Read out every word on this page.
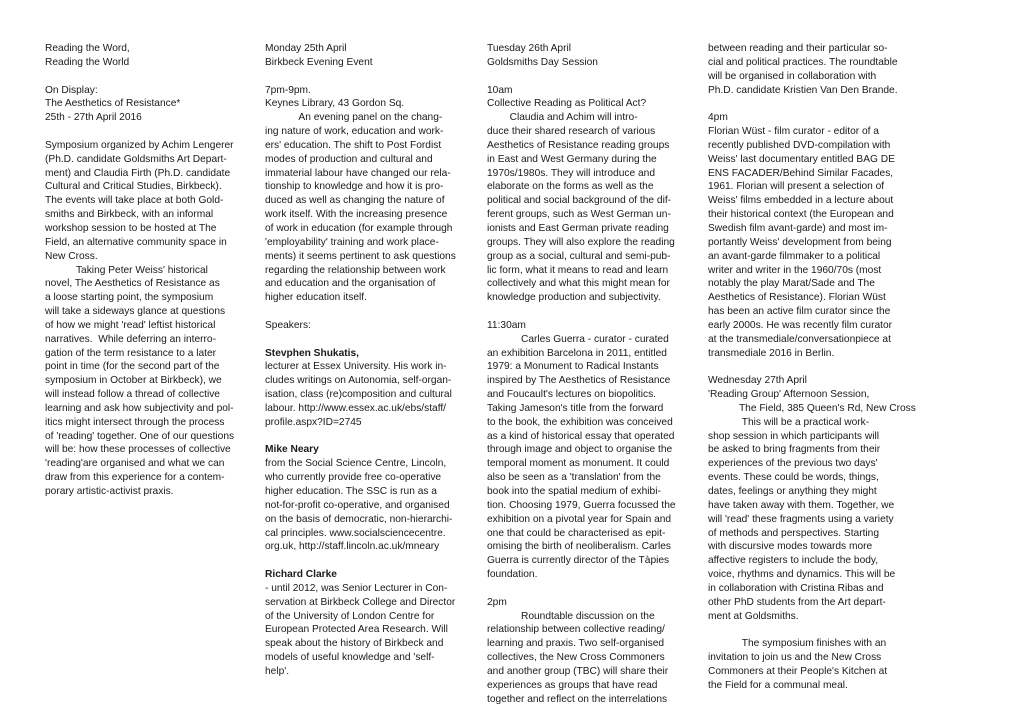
Reading the Word,

Reading the World

On Display:

The Aesthetics of Resistance*

25th - 27th April 2016

Symposium organized by Achim Lengerer

(Ph.D. candidate Goldsmiths Art Depart-

ment) and Claudia Firth (Ph.D. candidate

Cultural and Critical Studies, Birkbeck).

The events will take place at both Gold-

smiths and Birkbeck, with an informal

workshop session to be hosted at The

Field, an alternative community space in

New Cross.

Taking Peter Weiss' historical

novel, The Aesthetics of Resistance as

a loose starting point, the symposium

will take a sideways glance at questions

of how we might 'read' leftist historical

narratives.  While deferring an interro-

gation of the term resistance to a later

point in time (for the second part of the

symposium in October at Birkbeck), we

will instead follow a thread of collective

learning and ask how subjectivity and pol-

itics might intersect through the process

of 'reading' together. One of our questions

will be: how these processes of collective

'reading'are organised and what we can

draw from this experience for a contem-

porary artistic-activist praxis.

Monday 25th April

Birkbeck Evening Event

7pm-9pm.

Keynes Library, 43 Gordon Sq.

An evening panel on the chang-

ing nature of work, education and work-

ers' education. The shift to Post Fordist

modes of production and cultural and

immaterial labour have changed our rela-

tionship to knowledge and how it is pro-

duced as well as changing the nature of

work itself. With the increasing presence

of work in education (for example through

'employability' training and work place-

ments) it seems pertinent to ask questions

regarding the relationship between work

and education and the organisation of

higher education itself.

Speakers:

Stevphen Shukatis,

lecturer at Essex University. His work in-

cludes writings on Autonomia, self-organ-

isation, class (re)composition and cultural

labour. http://www.essex.ac.uk/ebs/staff/

profile.aspx?ID=2745

Mike Neary

from the Social Science Centre, Lincoln,

who currently provide free co-operative

higher education. The SSC is run as a

not-for-profit co-operative, and organised

on the basis of democratic, non-hierarchi-

cal principles. www.socialsciencecentre.

org.uk, http://staff.lincoln.ac.uk/mneary

Richard Clarke

- until 2012, was Senior Lecturer in Con-

servation at Birkbeck College and Director

of the University of London Centre for

European Protected Area Research. Will

speak about the history of Birkbeck and

models of useful knowledge and 'self-

help'.

Tuesday 26th April

Goldsmiths Day Session

10am

Collective Reading as Political Act?

Claudia and Achim will intro-

duce their shared research of various

Aesthetics of Resistance reading groups

in East and West Germany during the

1970s/1980s. They will introduce and

elaborate on the forms as well as the

political and social background of the dif-

ferent groups, such as West German un-

ionists and East German private reading

groups. They will also explore the reading

group as a social, cultural and semi-pub-

lic form, what it means to read and learn

collectively and what this might mean for

knowledge production and subjectivity.

11:30am

Carles Guerra - curator - curated

an exhibition Barcelona in 2011, entitled

1979: a Monument to Radical Instants

inspired by The Aesthetics of Resistance

and Foucault's lectures on biopolitics.

Taking Jameson's title from the forward

to the book, the exhibition was conceived

as a kind of historical essay that operated

through image and object to organise the

temporal moment as monument. It could

also be seen as a 'translation' from the

book into the spatial medium of exhibi-

tion. Choosing 1979, Guerra focussed the

exhibition on a pivotal year for Spain and

one that could be characterised as epit-

omising the birth of neoliberalism. Carles

Guerra is currently director of the Tàpies

foundation.

2pm

Roundtable discussion on the

relationship between collective reading/

learning and praxis. Two self-organised

collectives, the New Cross Commoners

and another group (TBC) will share their

experiences as groups that have read

together and reflect on the interrelations

between reading and their particular so-

cial and political practices. The roundtable

will be organised in collaboration with

Ph.D. candidate Kristien Van Den Brande.

4pm

Florian Wüst - film curator - editor of a

recently published DVD-compilation with

Weiss' last documentary entitled BAG DE

ENS FACADER/Behind Similar Facades,

1961. Florian will present a selection of

Weiss' films embedded in a lecture about

their historical context (the European and

Swedish film avant-garde) and most im-

portantly Weiss' development from being

an avant-garde filmmaker to a political

writer and writer in the 1960/70s (most

notably the play Marat/Sade and The

Aesthetics of Resistance). Florian Wüst

has been an active film curator since the

early 2000s. He was recently film curator

at the transmediale/conversationpiece at

transmediale 2016 in Berlin.

Wednesday 27th April

'Reading Group' Afternoon Session,

The Field, 385 Queen's Rd, New Cross

This will be a practical work-

shop session in which participants will

be asked to bring fragments from their

experiences of the previous two days'

events. These could be words, things,

dates, feelings or anything they might

have taken away with them. Together, we

will 'read' these fragments using a variety

of methods and perspectives. Starting

with discursive modes towards more

affective registers to include the body,

voice, rhythms and dynamics. This will be

in collaboration with Cristina Ribas and

other PhD students from the Art depart-

ment at Goldsmiths.

The symposium finishes with an

invitation to join us and the New Cross

Commoners at their People's Kitchen at

the Field for a communal meal.
